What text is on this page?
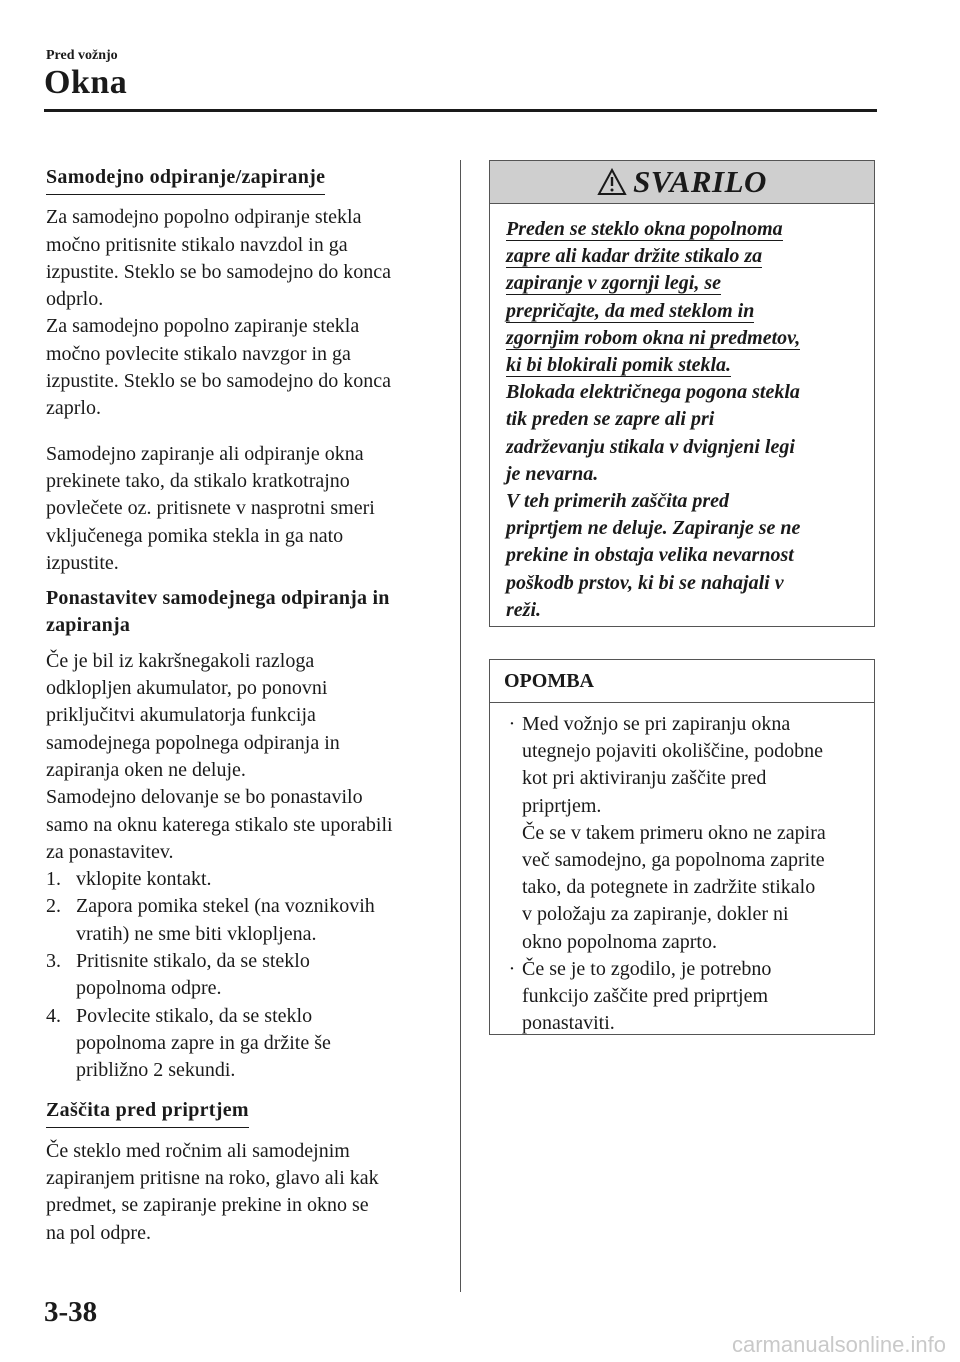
Pred vožnjo
Okna
Samodejno odpiranje/zapiranje

Za samodejno popolno odpiranje stekla
močno pritisnite stikalo navzdol in ga
izpustite. Steklo se bo samodejno do konca
odprlo.

Za samodejno popolno zapiranje stekla
močno povlecite stikalo navzgor in ga
izpustite. Steklo se bo samodejno do konca
zaprlo.

Samodejno zapiranje ali odpiranje okna
prekinete tako, da stikalo kratkotrajno
povlečete oz. pritisnete v nasprotni smeri
vključenega pomika stekla in ga nato
izpustite.

Ponastavitev samodejnega odpiranja in
zapiranja

Če je bil iz kakršnegakoli razloga
odklopljen akumulator, po ponovni
priključitvi akumulatorja funkcija
samodejnega popolnega odpiranja in
zapiranja oken ne deluje.

Samodejno delovanje se bo ponastavilo
samo na oknu katerega stikalo ste uporabili
za ponastavitev.

1. vklopite kontakt.
2. Zapora pomika stekel (na voznikovih
vratih) ne sme biti vklopljena.
3. Pritisnite stikalo, da se steklo
popolnoma odpre.
4. Povlecite stikalo, da se steklo
popolnoma zapre in ga držite še
približno 2 sekundi.
Zaščita pred priprtjem

Če steklo med ročnim ali samodejnim
zapiranjem pritisne na roko, glavo ali kak
predmet, se zapiranje prekine in okno se
na pol odpre.

SVARILO

Preden se steklo okna popolnoma
zapre ali kadar držite stikalo za
zapiranje v zgornji legi, se
prepričajte, da med steklom in
zgornjim robom okna ni predmetov,
ki bi blokirali pomik stekla.

Blokada električnega pogona stekla
tik preden se zapre ali pri
zadrževanju stikala v dvignjeni legi
je nevarna.

V teh primerih zaščita pred
priprtjem ne deluje. Zapiranje se ne
prekine in obstaja velika nevarnost
poškodb prstov, ki bi se nahajali v
reži.

OPOMBA
· Med vožnjo se pri zapiranju okna
utegnejo pojaviti okoliščine, podobne
kot pri aktiviranju zaščite pred
priprtjem.
Če se v takem primeru okno ne zapira
več samodejno, ga popolnoma zaprite
tako, da potegnete in zadržite stikalo
v položaju za zapiranje, dokler ni
okno popolnoma zaprto.
· Če se je to zgodilo, je potrebno
funkcijo zaščite pred priprtjem
ponastaviti.
3-38
carmanualsonline.info
